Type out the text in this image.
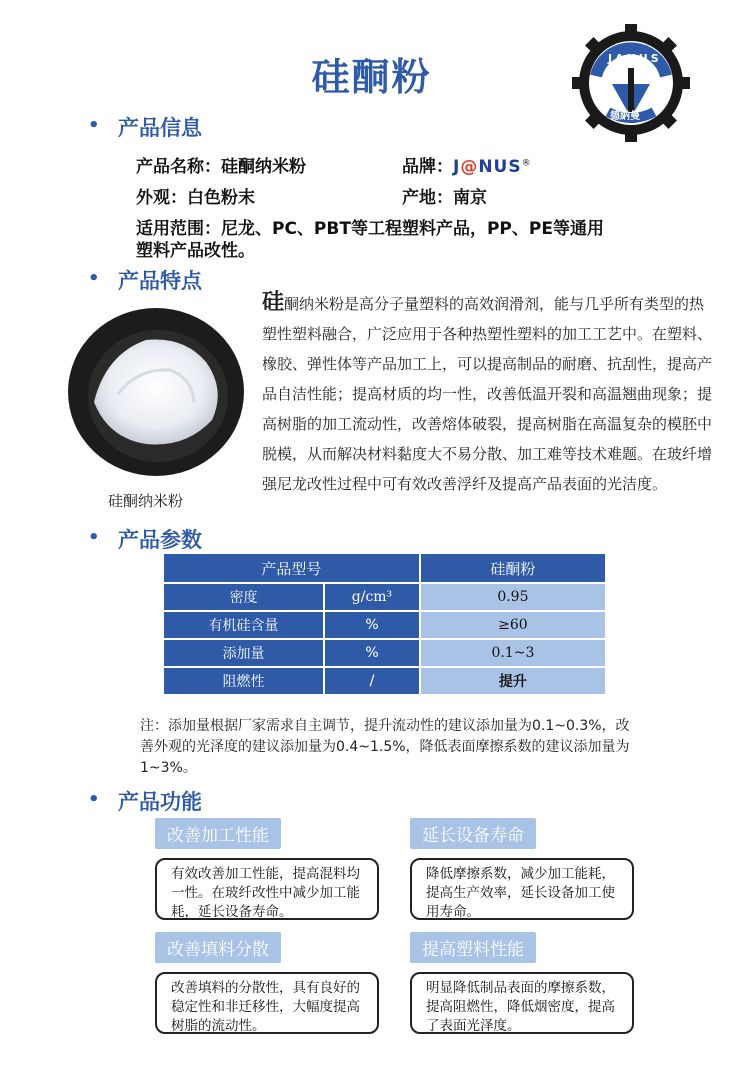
硅酮粉	JANUS
德納曼
• 产品信息
产品名称：硅酮纳米粉	品牌：J@NUS®
外观：白色粉末	产地：南京
适用范围：尼龙、PC、PBT等工程塑料产品，PP、PE等通用
塑料产品改性。
• 产品特点
硅酮纳米粉
硅酮纳米粉是高分子量塑料的高效润滑剂，能与几乎所有类型的热塑性塑料融合，广泛应用于各种热塑性塑料的加工工艺中。在塑料、橡胶、弹性体等产品加工上，可以提高制品的耐磨、抗刮性，提高产品自洁性能；提高材质的均一性，改善低温开裂和高温翘曲现象；提高树脂的加工流动性，改善熔体破裂，提高树脂在高温复杂的模胚中脱模，从而解决材料黏度大不易分散、加工难等技术难题。在玻纤增强尼龙改性过程中可有效改善浮纤及提高产品表面的光洁度。
• 产品参数
产品型号		硅酮粉
密度	g/cm³	0.95
有机硅含量	%	≥60
添加量	%	0.1~3
阻燃性	/	提升
注：添加量根据厂家需求自主调节，提升流动性的建议添加量为0.1~0.3%，改善外观的光泽度的建议添加量为0.4~1.5%，降低表面摩擦系数的建议添加量为1~3%。
• 产品功能
改善加工性能
有效改善加工性能，提高混料均一性。在玻纤改性中减少加工能耗，延长设备寿命。
延长设备寿命
降低摩擦系数，减少加工能耗，提高生产效率，延长设备加工使用寿命。
改善填料分散
改善填料的分散性，具有良好的稳定性和非迁移性，大幅度提高树脂的流动性。
提高塑料性能
明显降低制品表面的摩擦系数，提高阻燃性，降低烟密度，提高了表面光泽度。
